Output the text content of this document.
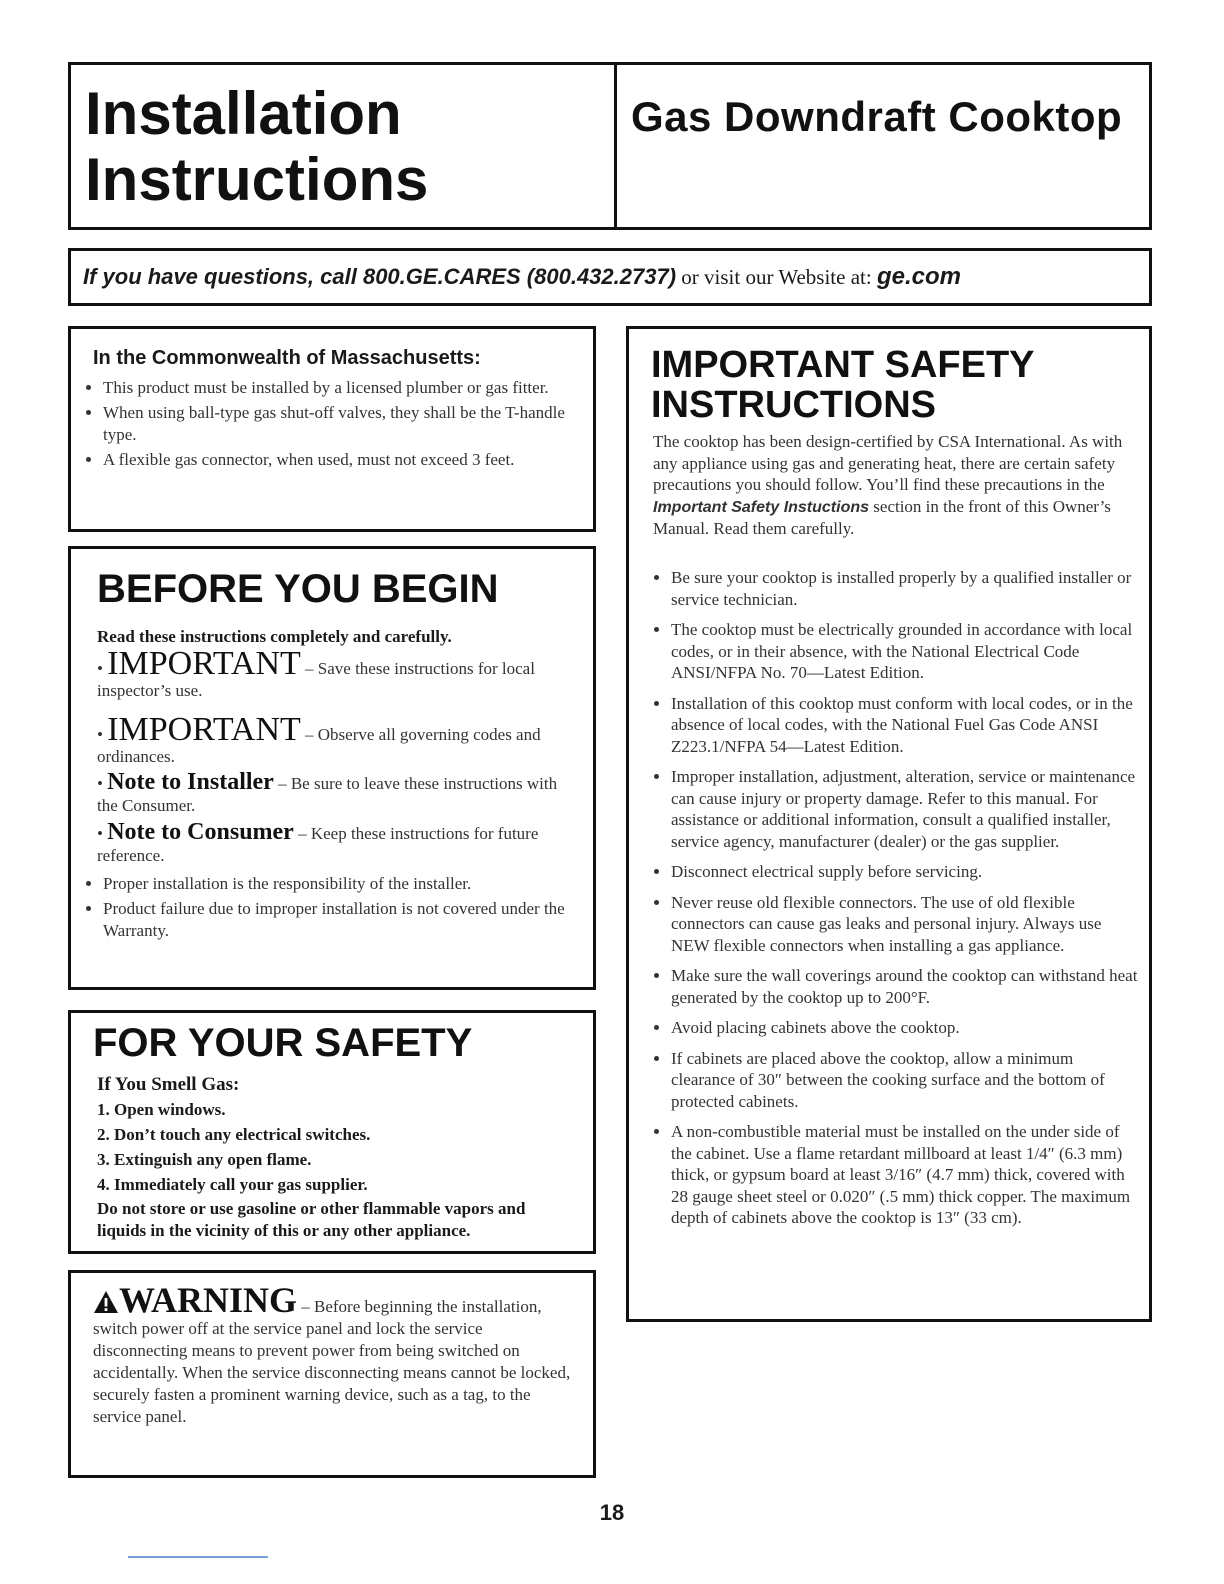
Installation
Instructions
Gas Downdraft Cooktop
If you have questions, call 800.GE.CARES (800.432.2737) or visit our Website at: ge.com
In the Commonwealth of Massachusetts:
• This product must be installed by a licensed plumber or gas fitter.
• When using ball-type gas shut-off valves, they shall be the T-handle type.
• A flexible gas connector, when used, must not exceed 3 feet.
BEFORE YOU BEGIN
Read these instructions completely and carefully.
• IMPORTANT – Save these instructions for local inspector’s use.
• IMPORTANT – Observe all governing codes and ordinances.
• Note to Installer – Be sure to leave these instructions with the Consumer.
• Note to Consumer – Keep these instructions for future reference.
• Proper installation is the responsibility of the installer.
• Product failure due to improper installation is not covered under the Warranty.
FOR YOUR SAFETY
If You Smell Gas:
1. Open windows.
2. Don’t touch any electrical switches.
3. Extinguish any open flame.
4. Immediately call your gas supplier.
Do not store or use gasoline or other flammable vapors and liquids in the vicinity of this or any other appliance.
WARNING – Before beginning the installation, switch power off at the service panel and lock the service disconnecting means to prevent power from being switched on accidentally. When the service disconnecting means cannot be locked, securely fasten a prominent warning device, such as a tag, to the service panel.
IMPORTANT SAFETY
INSTRUCTIONS
The cooktop has been design-certified by CSA International. As with any appliance using gas and generating heat, there are certain safety precautions you should follow. You’ll find these precautions in the Important Safety Instuctions section in the front of this Owner’s Manual. Read them carefully.
• Be sure your cooktop is installed properly by a qualified installer or service technician.
• The cooktop must be electrically grounded in accordance with local codes, or in their absence, with the National Electrical Code ANSI/NFPA No. 70—Latest Edition.
• Installation of this cooktop must conform with local codes, or in the absence of local codes, with the National Fuel Gas Code ANSI Z223.1/NFPA 54—Latest Edition.
• Improper installation, adjustment, alteration, service or maintenance can cause injury or property damage. Refer to this manual. For assistance or additional information, consult a qualified installer, service agency, manufacturer (dealer) or the gas supplier.
• Disconnect electrical supply before servicing.
• Never reuse old flexible connectors. The use of old flexible connectors can cause gas leaks and personal injury. Always use NEW flexible connectors when installing a gas appliance.
• Make sure the wall coverings around the cooktop can withstand heat generated by the cooktop up to 200°F.
• Avoid placing cabinets above the cooktop.
• If cabinets are placed above the cooktop, allow a minimum clearance of 30″ between the cooking surface and the bottom of protected cabinets.
• A non-combustible material must be installed on the under side of the cabinet. Use a flame retardant millboard at least 1/4″ (6.3 mm) thick, or gypsum board at least 3/16″ (4.7 mm) thick, covered with 28 gauge sheet steel or 0.020″ (.5 mm) thick copper. The maximum depth of cabinets above the cooktop is 13″ (33 cm).
18
